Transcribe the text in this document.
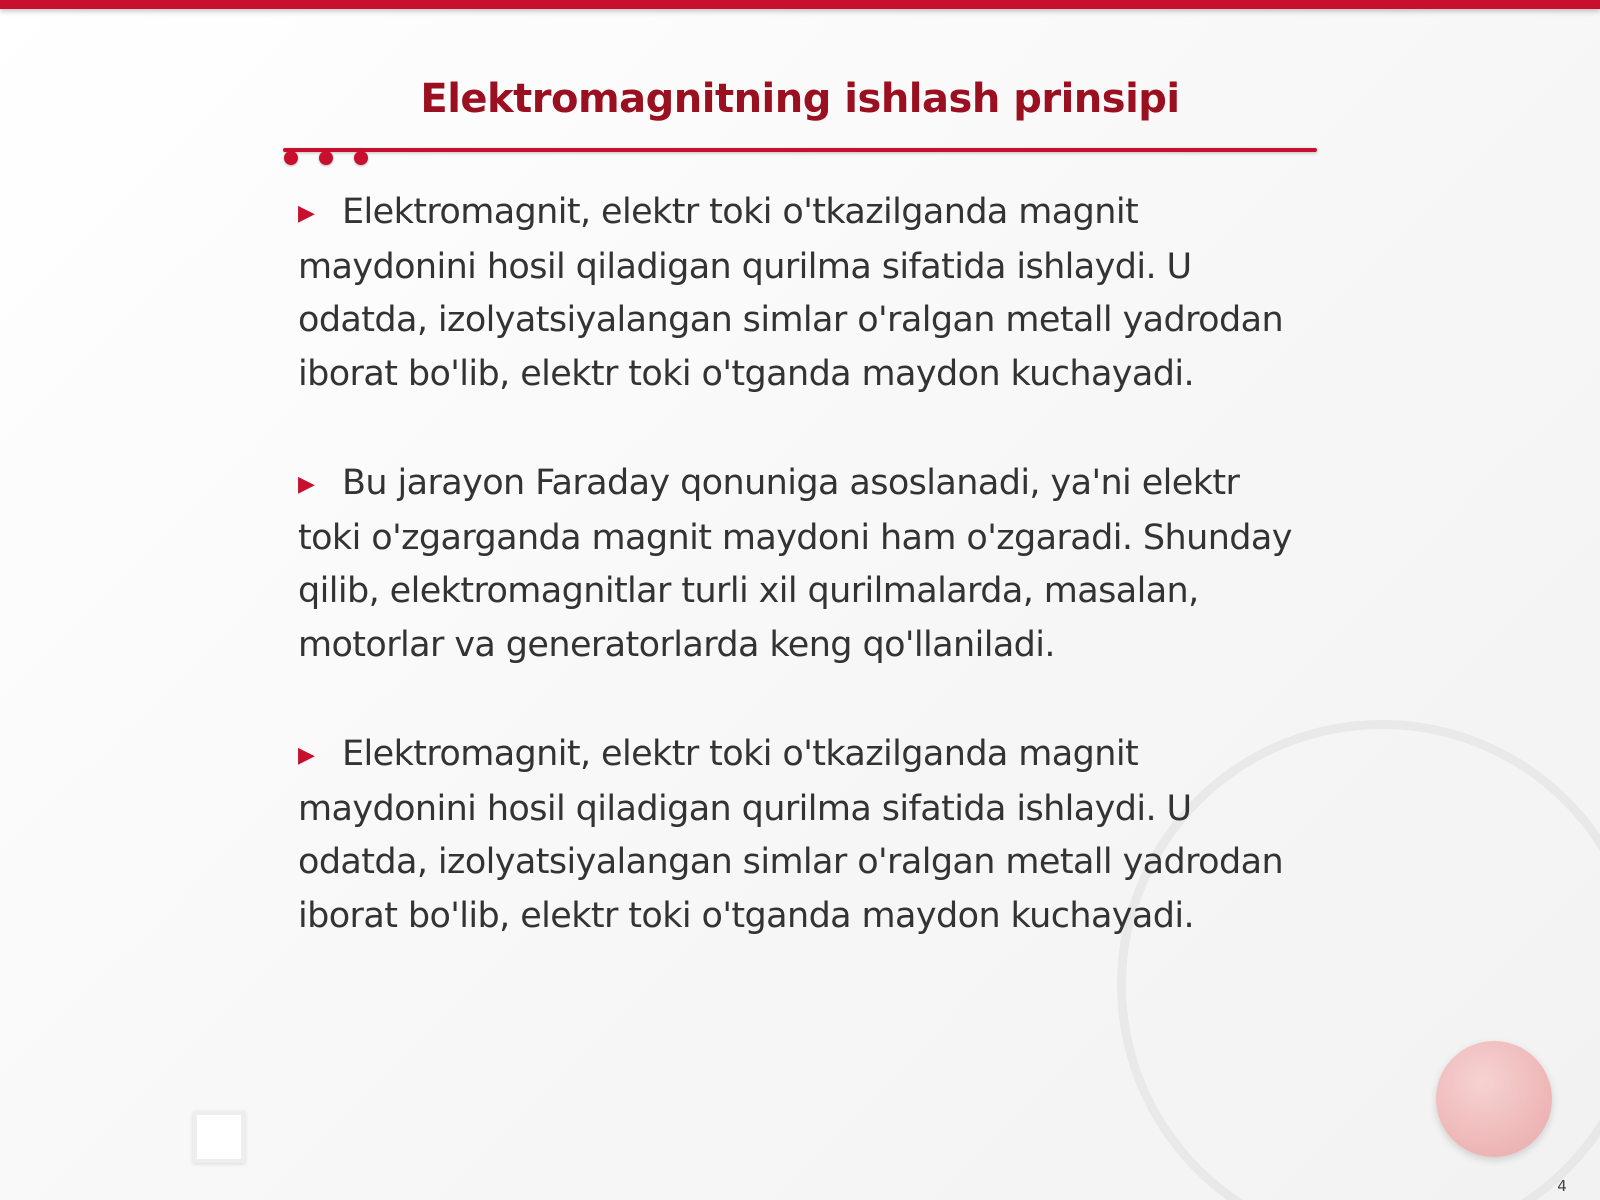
Elektromagnitning ishlash prinsipi
▶ Elektromagnit, elektr toki o'tkazilganda magnit maydonini hosil qiladigan qurilma sifatida ishlaydi. U odatda, izolyatsiyalangan simlar o'ralgan metall yadrodan iborat bo'lib, elektr toki o'tganda maydon kuchayadi.
▶ Bu jarayon Faraday qonuniga asoslanadi, ya'ni elektr toki o'zgarganda magnit maydoni ham o'zgaradi. Shunday qilib, elektromagnitlar turli xil qurilmalarda, masalan, motorlar va generatorlarda keng qo'llaniladi.
▶ Elektromagnit, elektr toki o'tkazilganda magnit maydonini hosil qiladigan qurilma sifatida ishlaydi. U odatda, izolyatsiyalangan simlar o'ralgan metall yadrodan iborat bo'lib, elektr toki o'tganda maydon kuchayadi.
4
